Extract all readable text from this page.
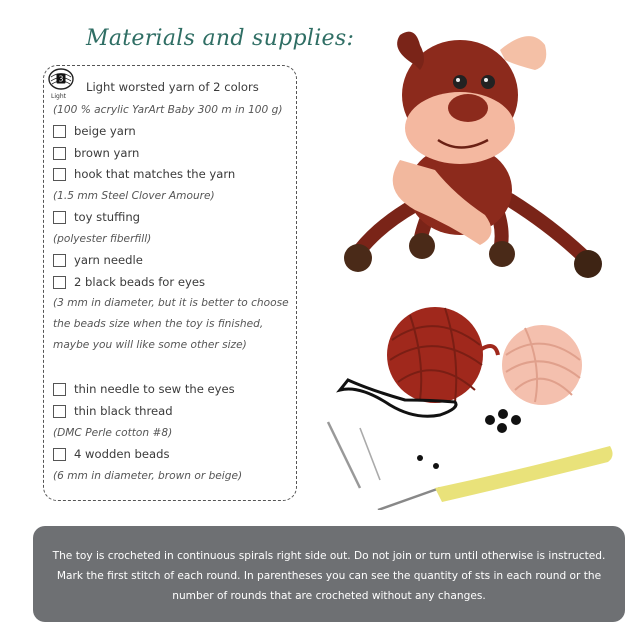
Materials and supplies:
3
Light
Light worsted yarn of 2 colors
(100 % acrylic YarArt Baby 300 m in 100 g)
beige yarn
brown yarn
hook that matches the yarn
(1.5 mm Steel Clover Amoure)
toy stuffing
(polyester fiberfill)
yarn needle
2 black beads for eyes
(3 mm in diameter, but it is better to choose the beads size when the toy is finished, maybe you will like some other size)
thin needle to sew the eyes
thin black thread
(DMC Perle cotton #8)
4 wodden beads
(6 mm in diameter, brown or beige)
The toy is crocheted in continuous spirals right side out. Do not join or turn until otherwise is instructed. Mark the first stitch of each round. In parentheses you can see the quantity of sts in each round or the number of rounds that are crocheted without any changes.
